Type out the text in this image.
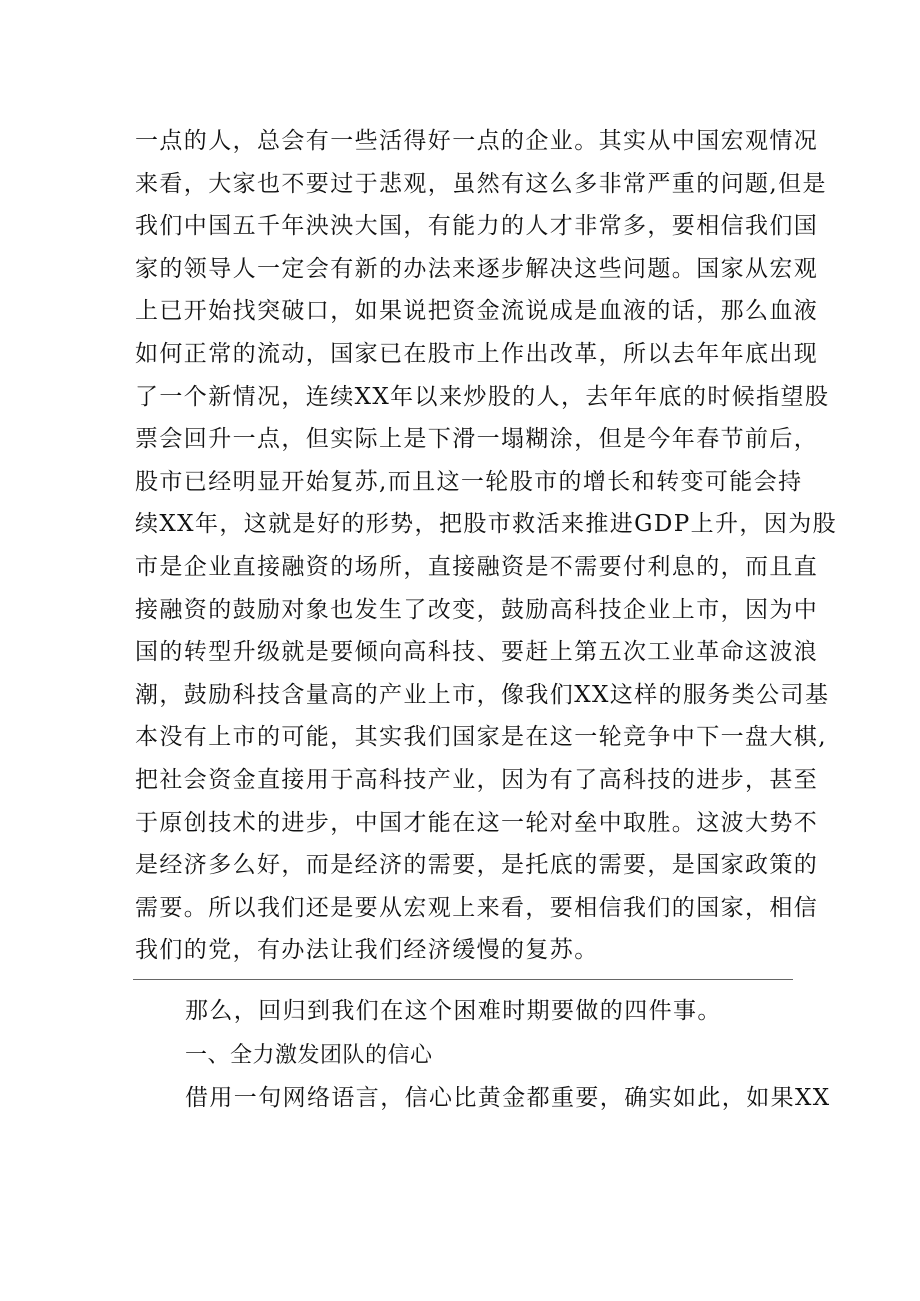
一点的人，总会有一些活得好一点的企业。其实从中国宏观情况
来看，大家也不要过于悲观，虽然有这么多非常严重的问题,但是
我们中国五千年泱泱大国，有能力的人才非常多，要相信我们国
家的领导人一定会有新的办法来逐步解决这些问题。国家从宏观
上已开始找突破口，如果说把资金流说成是血液的话，那么血液
如何正常的流动，国家已在股市上作出改革，所以去年年底出现
了一个新情况，连续XX年以来炒股的人，去年年底的时候指望股
票会回升一点，但实际上是下滑一塌糊涂，但是今年春节前后，
股市已经明显开始复苏,而且这一轮股市的增长和转变可能会持
续XX年，这就是好的形势，把股市救活来推进GDP上升，因为股
市是企业直接融资的场所，直接融资是不需要付利息的，而且直
接融资的鼓励对象也发生了改变，鼓励高科技企业上市，因为中
国的转型升级就是要倾向高科技、要赶上第五次工业革命这波浪
潮，鼓励科技含量高的产业上市，像我们XX这样的服务类公司基
本没有上市的可能，其实我们国家是在这一轮竞争中下一盘大棋,
把社会资金直接用于高科技产业，因为有了高科技的进步，甚至
于原创技术的进步，中国才能在这一轮对垒中取胜。这波大势不
是经济多么好，而是经济的需要，是托底的需要，是国家政策的
需要。所以我们还是要从宏观上来看，要相信我们的国家，相信
我们的党，有办法让我们经济缓慢的复苏。
那么，回归到我们在这个困难时期要做的四件事。
一、全力激发团队的信心
借用一句网络语言，信心比黄金都重要，确实如此，如果XX
